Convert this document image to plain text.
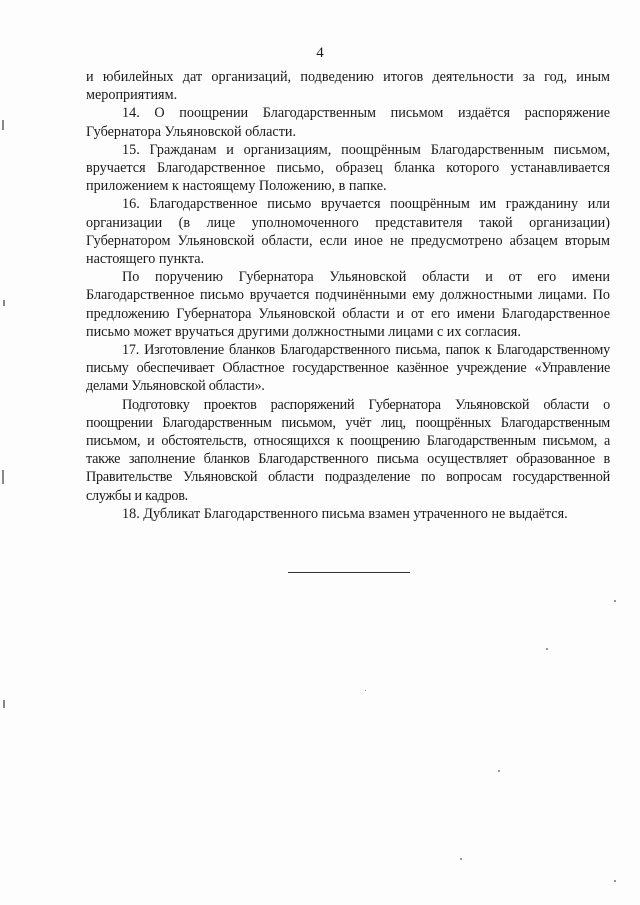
4

и юбилейных дат организаций, подведению итогов деятельности за год, иным мероприятиям.

14. О поощрении Благодарственным письмом издаётся распоряжение Губернатора Ульяновской области.

15. Гражданам и организациям, поощрённым Благодарственным письмом, вручается Благодарственное письмо, образец бланка которого устанавливается приложением к настоящему Положению, в папке.

16. Благодарственное письмо вручается поощрённым им гражданину или организации (в лице уполномоченного представителя такой организации) Губернатором Ульяновской области, если иное не предусмотрено абзацем вторым настоящего пункта.

По поручению Губернатора Ульяновской области и от его имени Благодарственное письмо вручается подчинёнными ему должностными лицами. По предложению Губернатора Ульяновской области и от его имени Благодарственное письмо может вручаться другими должностными лицами с их согласия.

17. Изготовление бланков Благодарственного письма, папок к Благодарственному письму обеспечивает Областное государственное казённое учреждение «Управление делами Ульяновской области».

Подготовку проектов распоряжений Губернатора Ульяновской области о поощрении Благодарственным письмом, учёт лиц, поощрённых Благодарственным письмом, и обстоятельств, относящихся к поощрению Благодарственным письмом, а также заполнение бланков Благодарственного письма осуществляет образованное в Правительстве Ульяновской области подразделение по вопросам государственной службы и кадров.

18. Дубликат Благодарственного письма взамен утраченного не выдаётся.
